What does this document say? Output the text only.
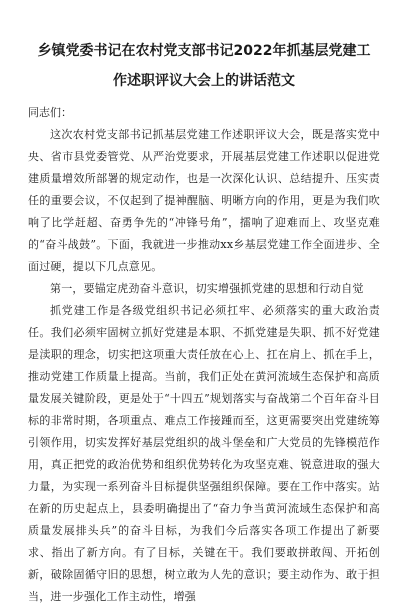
乡镇党委书记在农村党支部书记2022年抓基层党建工作述职评议大会上的讲话范文

同志们：

这次农村党支部书记抓基层党建工作述职评议大会，既是落实党中央、省市县党委管党、从严治党要求，开展基层党建工作述职以促进党建质量增效所部署的规定动作，也是一次深化认识、总结提升、压实责任的重要会议，不仅起到了提神醒脑、明晰方向的作用，更是为我们吹响了比学赶超、奋勇争先的“冲锋号角”，擂响了迎难而上、攻坚克难的“奋斗战鼓”。下面，我就进一步推动xx乡基层党建工作全面进步、全面过硬，提以下几点意见。

第一，要锚定虎劲奋斗意识，切实增强抓党建的思想和行动自觉

抓党建工作是各级党组织书记必须扛牢、必须落实的重大政治责任。我们必须牢固树立抓好党建是本职、不抓党建是失职、抓不好党建是渎职的理念，切实把这项重大责任放在心上、扛在肩上、抓在手上，推动党建工作质量上提高。当前，我们正处在黄河流域生态保护和高质量发展关键阶段，更是处于“十四五”规划落实与奋战第二个百年奋斗目标的非常时期，各项重点、难点工作接踵而至，这更需要突出党建统筹引领作用，切实发挥好基层党组织的战斗堡垒和广大党员的先锋模范作用，真正把党的政治优势和组织优势转化为攻坚克难、锐意进取的强大力量，为实现一系列奋斗目标提供坚强组织保障。要在工作中落实。站在新的历史起点上，县委明确提出了“奋力争当黄河流域生态保护和高质量发展排头兵”的奋斗目标，为我们今后落实各项工作提出了新要求、指出了新方向。有了目标，关键在干。我们要敢拼敢闯、开拓创新，破除固循守旧的思想，树立敢为人先的意识；要主动作为、敢于担当，进一步强化工作主动性，增强
